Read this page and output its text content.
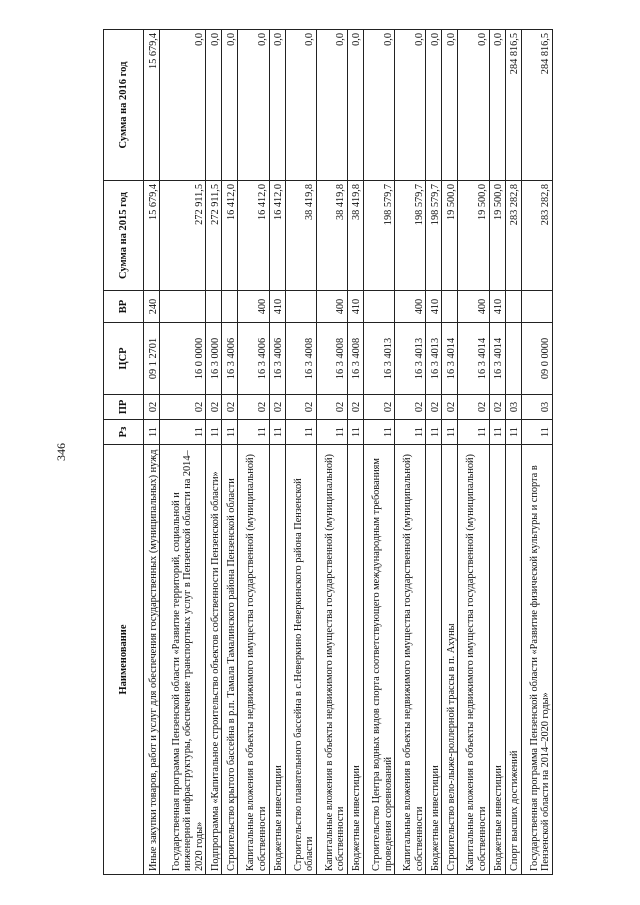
346
Наименование	Рз	ПР	ЦСР	ВР	Сумма на 2015 год	Сумма на 2016 год
Иные закупки товаров, работ и услуг для обеспечения государственных (муниципальных) нужд	11	02	09 1 2701	240	15 679,4	15 679,4
Государственная программа Пензенской области «Развитие территорий, социальной и инженерной инфраструктуры, обеспечение транспортных услуг в Пензенской области на 2014–2020 годы»	11	02	16 0 0000		272 911,5	0,0
Подпрограмма «Капитальное строительство объектов собственности Пензенской области»	11	02	16 3 0000		272 911,5	0,0
Строительство крытого бассейна в р.п. Тамала Тамалинского района Пензенской области	11	02	16 3 4006		16 412,0	0,0
Капитальные вложения в объекты недвижимого имущества государственной (муниципальной) собственности	11	02	16 3 4006	400	16 412,0	0,0
Бюджетные инвестиции	11	02	16 3 4006	410	16 412,0	0,0
Строительство плавательного бассейна в с.Неверкино Неверкинского района Пензенской области	11	02	16 3 4008		38 419,8	0,0
Капитальные вложения в объекты недвижимого имущества государственной (муниципальной) собственности	11	02	16 3 4008	400	38 419,8	0,0
Бюджетные инвестиции	11	02	16 3 4008	410	38 419,8	0,0
Строительство Центра водных видов спорта соответствующего международным требованиям проведения соревнований	11	02	16 3 4013		198 579,7	0,0
Капитальные вложения в объекты недвижимого имущества государственной (муниципальной) собственности	11	02	16 3 4013	400	198 579,7	0,0
Бюджетные инвестиции	11	02	16 3 4013	410	198 579,7	0,0
Строительство вело-лыже-роллерной трассы в п. Ахуны	11	02	16 3 4014		19 500,0	0,0
Капитальные вложения в объекты недвижимого имущества государственной (муниципальной) собственности	11	02	16 3 4014	400	19 500,0	0,0
Бюджетные инвестиции	11	02	16 3 4014	410	19 500,0	0,0
Спорт высших достижений	11	03			283 282,8	284 816,5
Государственная программа Пензенской области «Развитие физической культуры и спорта в Пензенской области на 2014–2020 годы»	11	03	09 0 0000		283 282,8	284 816,5
